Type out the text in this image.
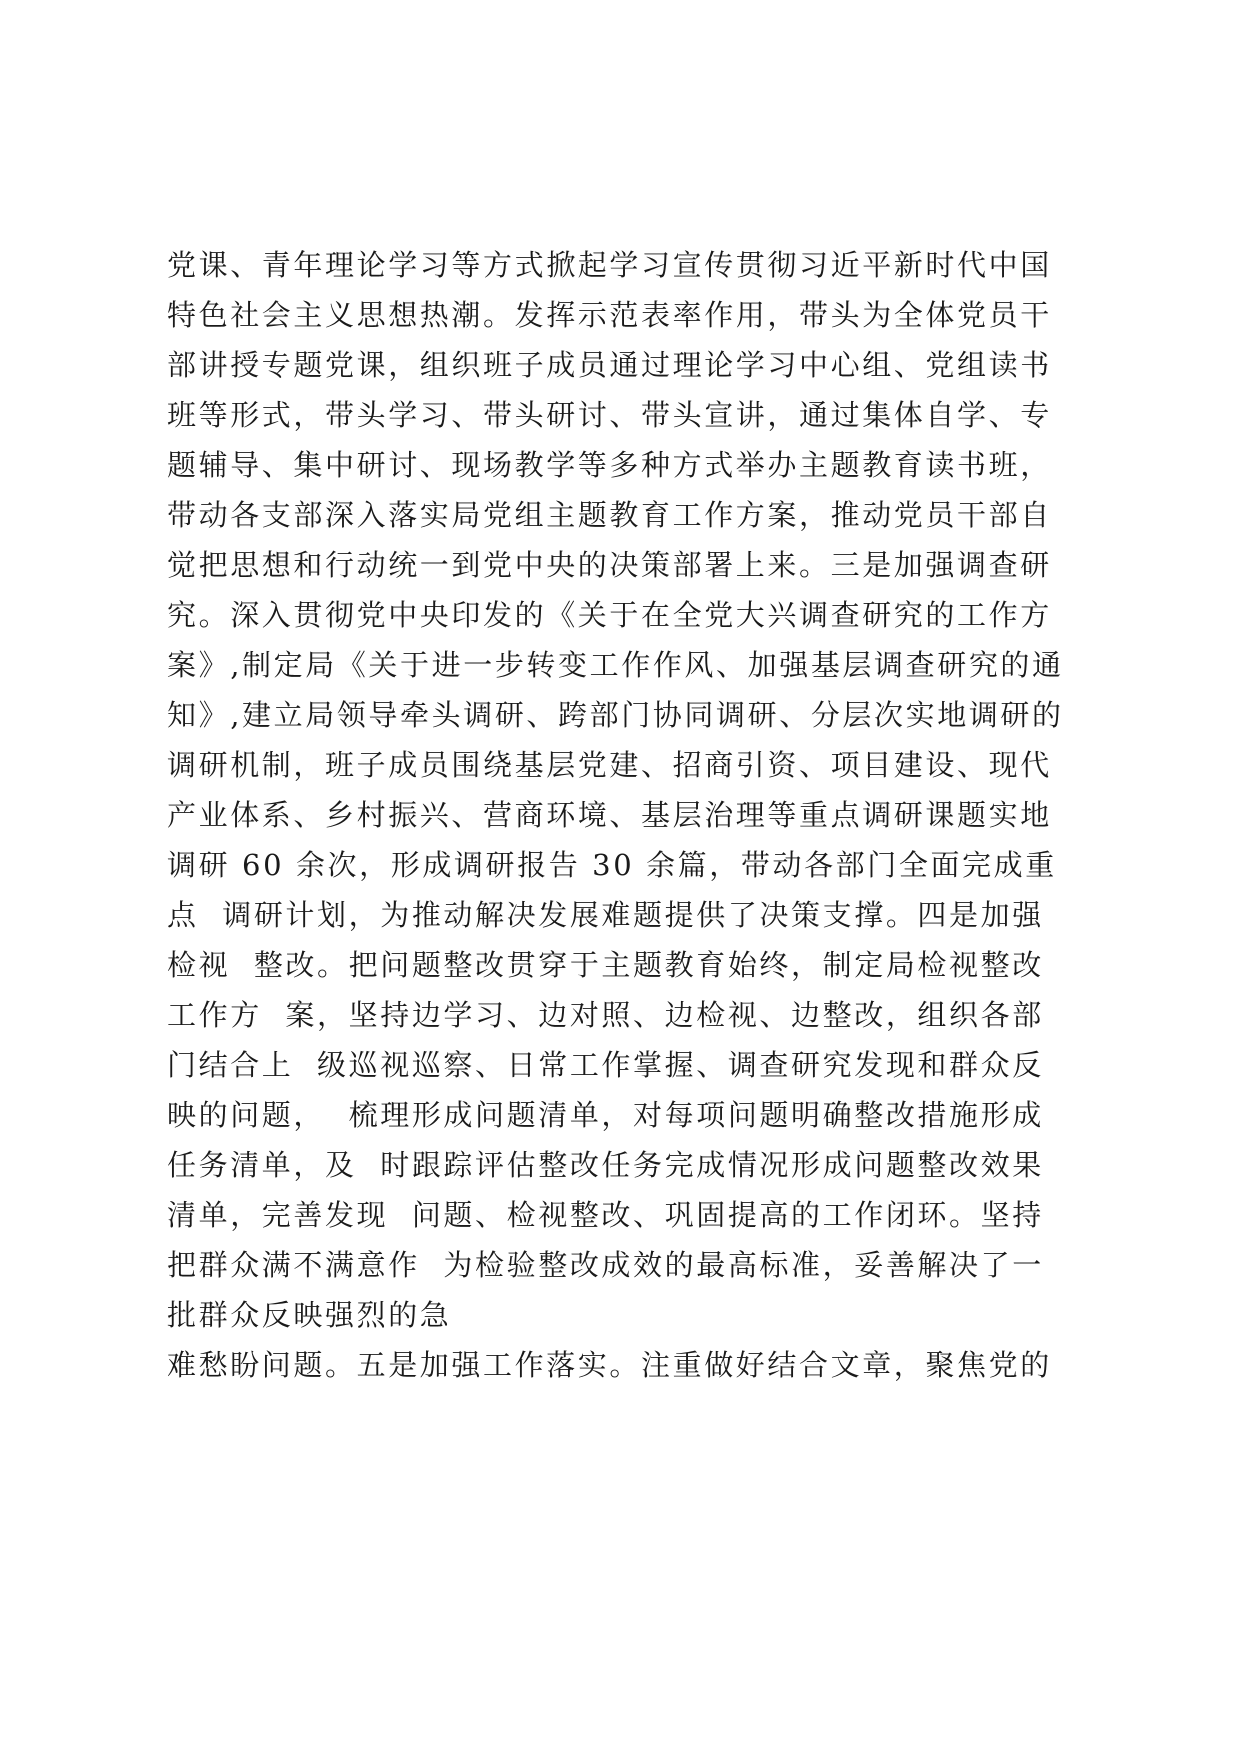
党课、青年理论学习等方式掀起学习宣传贯彻习近平新时代中国
特色社会主义思想热潮。发挥示范表率作用，带头为全体党员干
部讲授专题党课，组织班子成员通过理论学习中心组、党组读书
班等形式，带头学习、带头研讨、带头宣讲，通过集体自学、专
题辅导、集中研讨、现场教学等多种方式举办主题教育读书班，
带动各支部深入落实局党组主题教育工作方案，推动党员干部自
觉把思想和行动统一到党中央的决策部署上来。三是加强调查研
究。深入贯彻党中央印发的《关于在全党大兴调查研究的工作方
案》,制定局《关于进一步转变工作作风、加强基层调查研究的通
知》,建立局领导牵头调研、跨部门协同调研、分层次实地调研的
调研机制，班子成员围绕基层党建、招商引资、项目建设、现代
产业体系、乡村振兴、营商环境、基层治理等重点调研课题实地
调研 60 余次，形成调研报告 30 余篇，带动各部门全面完成重
点  调研计划，为推动解决发展难题提供了决策支撑。四是加强
检视  整改。把问题整改贯穿于主题教育始终，制定局检视整改
工作方  案，坚持边学习、边对照、边检视、边整改，组织各部
门结合上  级巡视巡察、日常工作掌握、调查研究发现和群众反
映的问题，  梳理形成问题清单，对每项问题明确整改措施形成
任务清单，及  时跟踪评估整改任务完成情况形成问题整改效果
清单，完善发现  问题、检视整改、巩固提高的工作闭环。坚持
把群众满不满意作  为检验整改成效的最高标准，妥善解决了一
批群众反映强烈的急
难愁盼问题。五是加强工作落实。注重做好结合文章，聚焦党的
